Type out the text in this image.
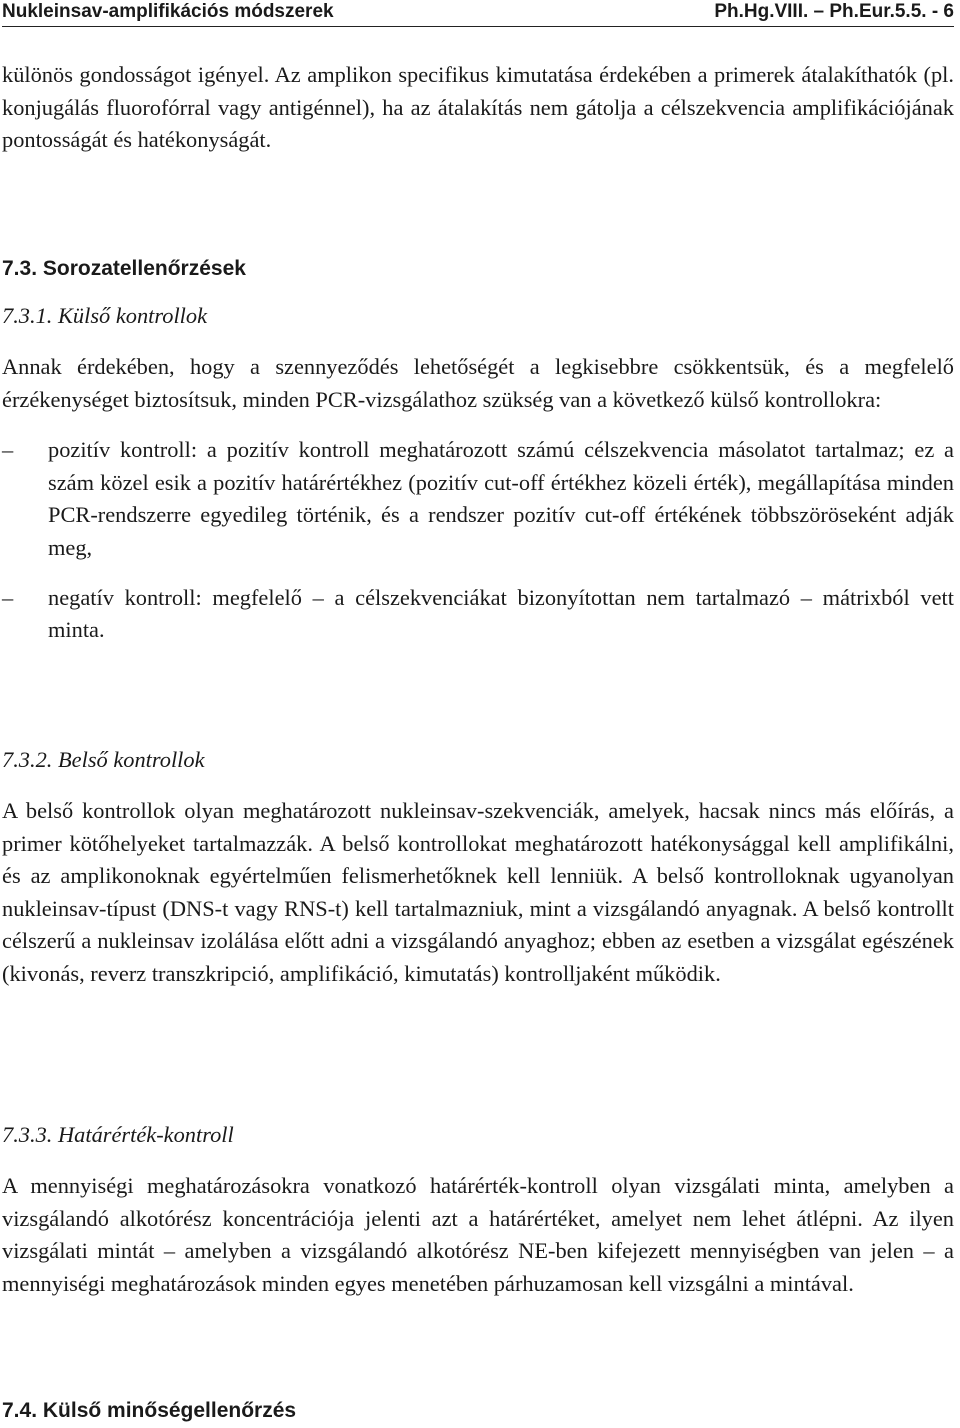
Nukleinsav-amplifikációs módszerek	Ph.Hg.VIII. – Ph.Eur.5.5. - 6

különös gondosságot igényel. Az amplikon specifikus kimutatása érdekében a primerek átalakíthatók (pl. konjugálás fluorofórral vagy antigénnel), ha az átalakítás nem gátolja a célszekvencia amplifikációjának pontosságát és hatékonyságát.

7.3. Sorozatellenőrzések
7.3.1. Külső kontrollok

Annak érdekében, hogy a szennyeződés lehetőségét a legkisebbre csökkentsük, és a megfelelő érzékenységet biztosítsuk, minden PCR-vizsgálathoz szükség van a következő külső kontrollokra:

– pozitív kontroll: a pozitív kontroll meghatározott számú célszekvencia másolatot tartalmaz; ez a szám közel esik a pozitív határértékhez (pozitív cut-off értékhez közeli érték), megállapítása minden PCR-rendszerre egyedileg történik, és a rendszer pozitív cut-off értékének többszöröseként adják meg,

– negatív kontroll: megfelelő – a célszekvenciákat bizonyítottan nem tartalmazó – mátrixból vett minta.

7.3.2. Belső kontrollok

A belső kontrollok olyan meghatározott nukleinsav-szekvenciák, amelyek, hacsak nincs más előírás, a primer kötőhelyeket tartalmazzák. A belső kontrollokat meghatározott hatékonysággal kell amplifikálni, és az amplikonoknak egyértelműen felismerhetőknek kell lenniük. A belső kontrolloknak ugyanolyan nukleinsav-típust (DNS-t vagy RNS-t) kell tartalmazniuk, mint a vizsgálandó anyagnak. A belső kontrollt célszerű a nukleinsav izolálása előtt adni a vizsgálandó anyaghoz; ebben az esetben a vizsgálat egészének (kivonás, reverz transzkripció, amplifikáció, kimutatás) kontrolljaként működik.

7.3.3. Határérték-kontroll

A mennyiségi meghatározásokra vonatkozó határérték-kontroll olyan vizsgálati minta, amelyben a vizsgálandó alkotórész koncentrációja jelenti azt a határértéket, amelyet nem lehet átlépni. Az ilyen vizsgálati mintát – amelyben a vizsgálandó alkotórész NE-ben kifejezett mennyiségben van jelen – a mennyiségi meghatározások minden egyes menetében párhuzamosan kell vizsgálni a mintával.

7.4. Külső minőségellenőrzés
